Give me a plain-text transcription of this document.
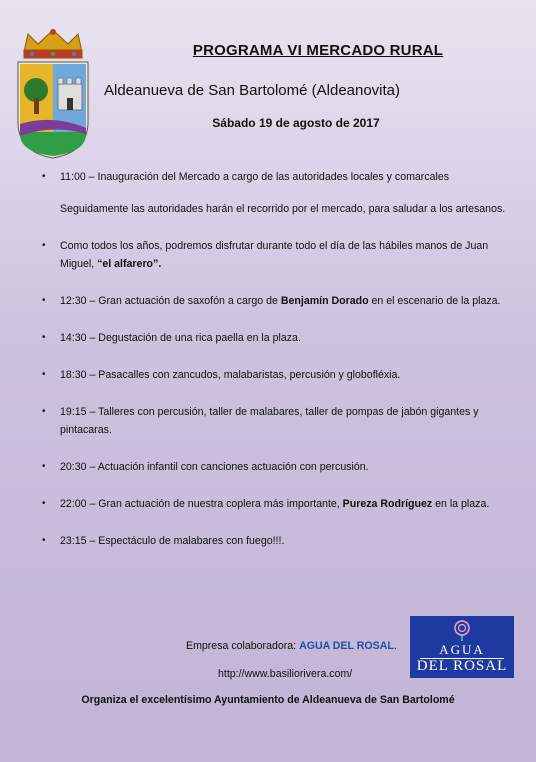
PROGRAMA VI MERCADO RURAL
Aldeanueva de San Bartolomé (Aldeanovita)
Sábado 19 de agosto de 2017
• 11:00 – Inauguración del Mercado a cargo de las autoridades locales y comarcales
Seguidamente las autoridades harán el recorrido por el mercado, para saludar a los artesanos.
• Como todos los años, podremos disfrutar durante todo el día de las hábiles manos de Juan Miguel, “el alfarero”.
• 12:30 – Gran actuación de saxofón a cargo de Benjamín Dorado en el escenario de la plaza.
• 14:30 – Degustación de una rica paella en la plaza.
• 18:30 – Pasacalles con zancudos, malabaristas, percusión y globofléxia.
• 19:15 – Talleres con percusión, taller de malabares, taller de pompas de jabón gigantes y pintacaras.
• 20:30 – Actuación infantil con canciones actuación con percusión.
• 22:00 – Gran actuación de nuestra coplera más importante, Pureza Rodríguez en la plaza.
• 23:15 – Espectáculo de malabares con fuego!!!.
Empresa colaboradora: AGUA DEL ROSAL.
http://www.basiliorivera.com/
Organiza el excelentísimo Ayuntamiento de Aldeanueva de San Bartolomé
AGUA
DEL ROSAL
